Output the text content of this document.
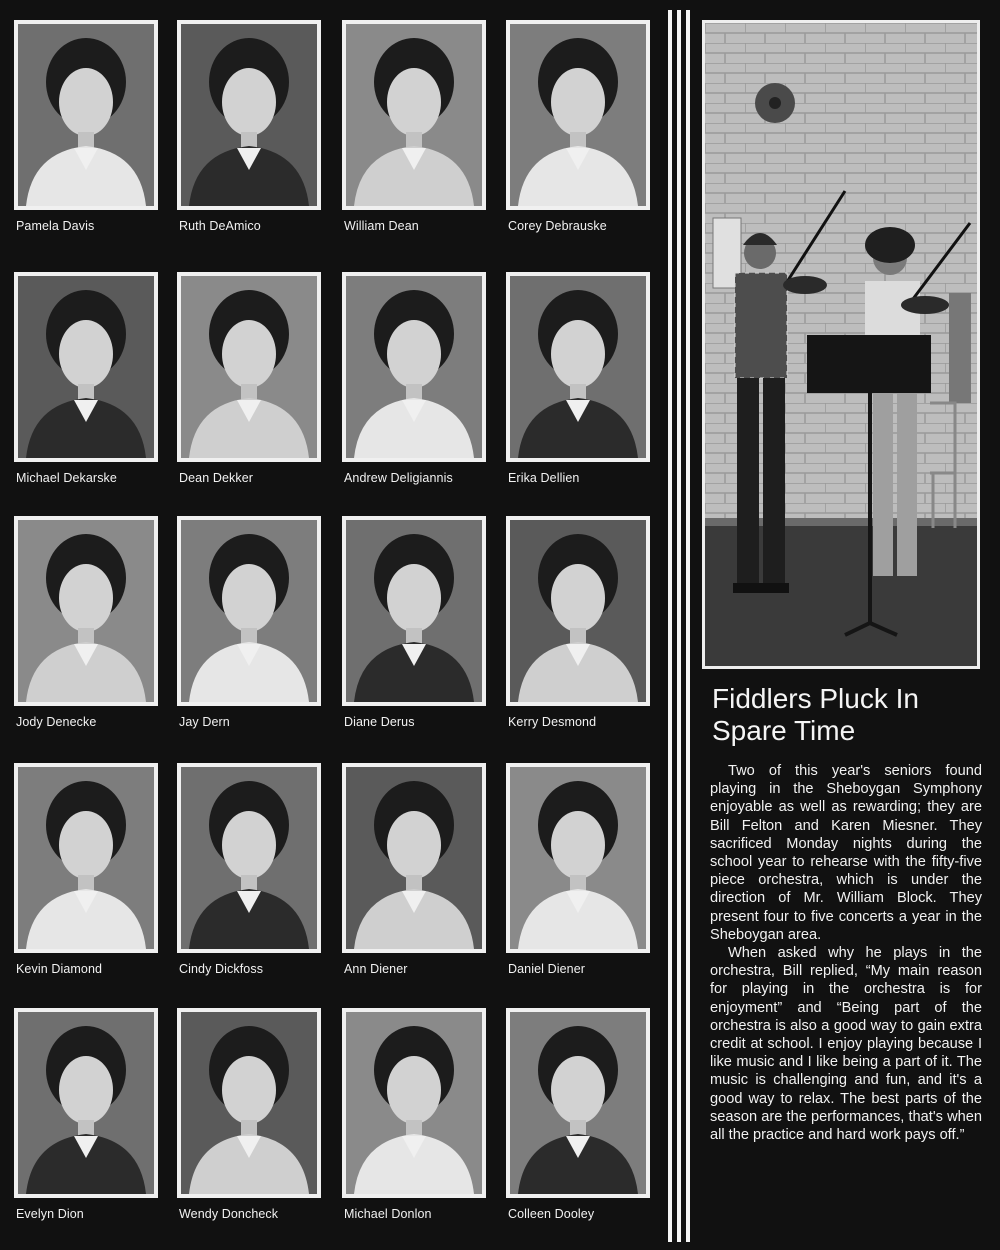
Pamela Davis	Ruth DeAmico	William Dean	Corey Debrauske
Michael Dekarske	Dean Dekker	Andrew Deligiannis	Erika Dellien
Jody Denecke	Jay Dern	Diane Derus	Kerry Desmond
Kevin Diamond	Cindy Dickfoss	Ann Diener	Daniel Diener
Evelyn Dion	Wendy Doncheck	Michael Donlon	Colleen Dooley
Fiddlers Pluck In Spare Time

Two of this year's seniors found playing in the Sheboygan Symphony enjoyable as well as rewarding; they are Bill Felton and Karen Miesner. They sacrificed Monday nights during the school year to rehearse with the fifty-five piece orchestra, which is under the direction of Mr. William Block. They present four to five concerts a year in the Sheboygan area.

When asked why he plays in the orchestra, Bill replied, “My main reason for playing in the orchestra is for enjoyment” and “Being part of the orchestra is also a good way to gain extra credit at school. I enjoy playing because I like music and I like being a part of it. The music is challenging and fun, and it's a good way to relax. The best parts of the season are the performances, that's when all the practice and hard work pays off.”
